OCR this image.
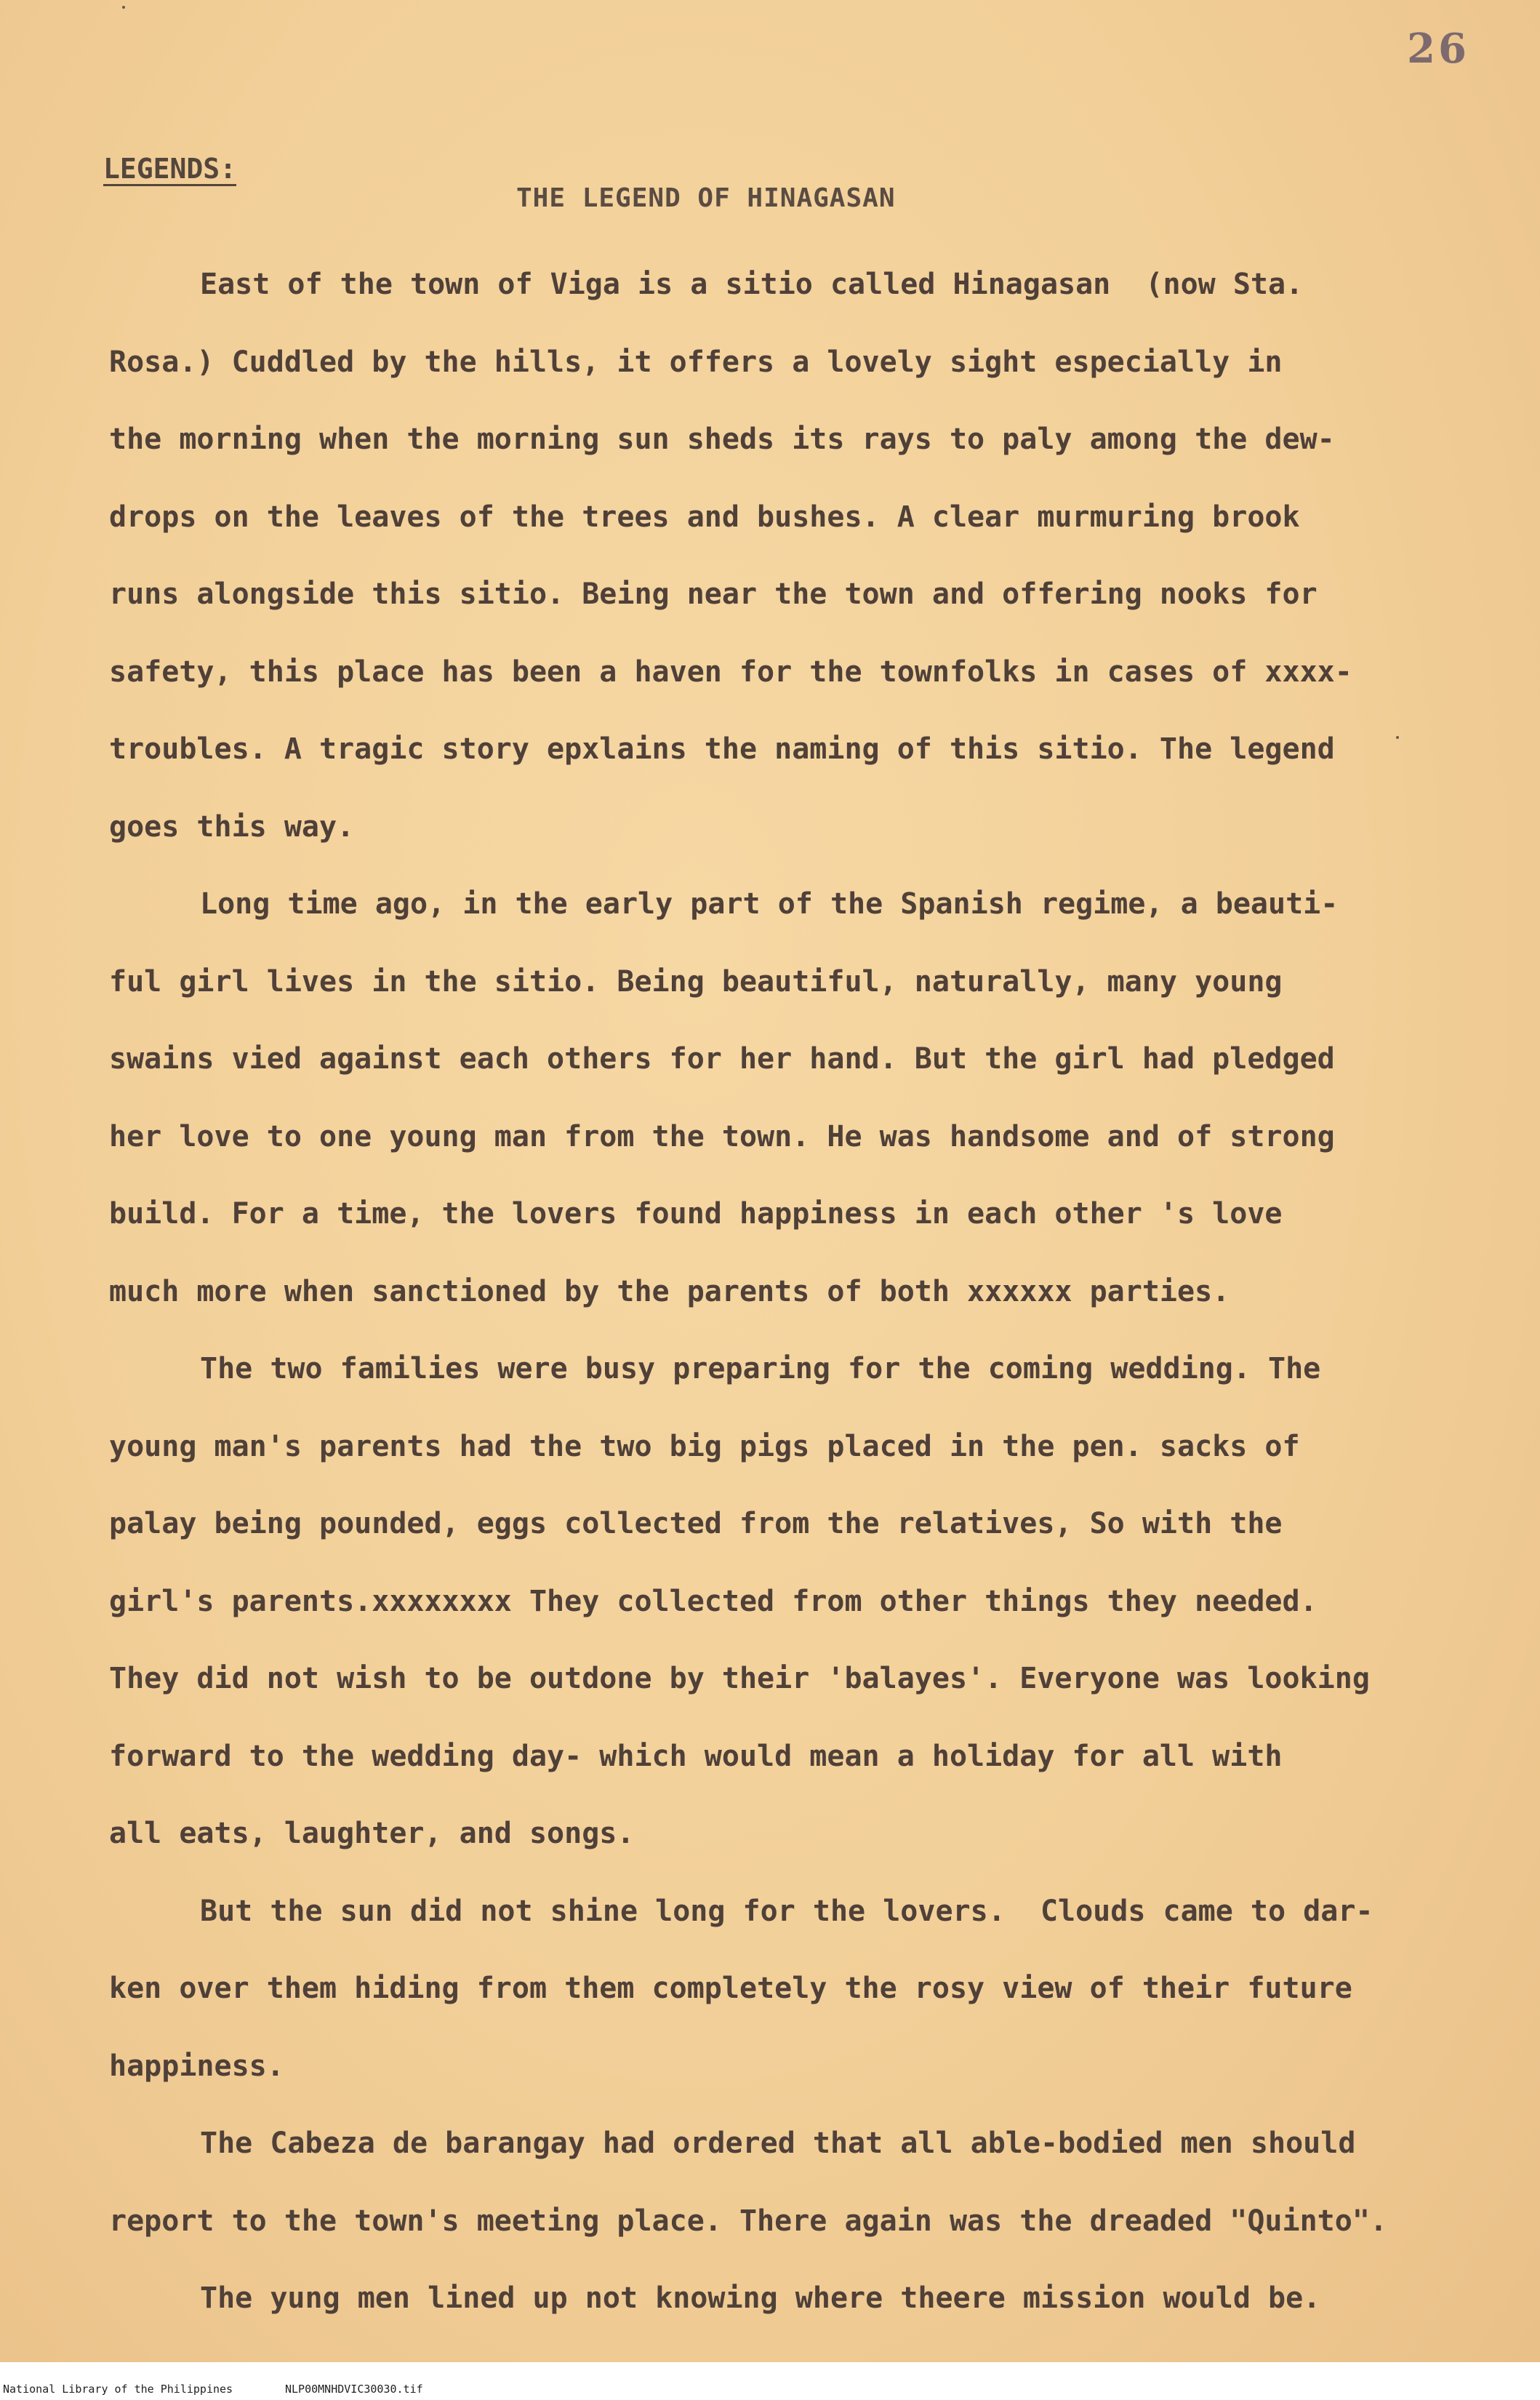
26
LEGENDS:
THE LEGEND OF HINAGASAN
East of the town of Viga is a sitio called Hinagasan  (now Sta.
Rosa.) Cuddled by the hills, it offers a lovely sight especially in
the morning when the morning sun sheds its rays to paly among the dew-
drops on the leaves of the trees and bushes. A clear murmuring brook
runs alongside this sitio. Being near the town and offering nooks for
safety, this place has been a haven for the townfolks in cases of xxxx-
troubles. A tragic story epxlains the naming of this sitio. The legend
goes this way.
Long time ago, in the early part of the Spanish regime, a beauti-
ful girl lives in the sitio. Being beautiful, naturally, many young
swains vied against each others for her hand. But the girl had pledged
her love to one young man from the town. He was handsome and of strong
build. For a time, the lovers found happiness in each other 's love
much more when sanctioned by the parents of both xxxxxx parties.
The two families were busy preparing for the coming wedding. The
young man's parents had the two big pigs placed in the pen. sacks of
palay being pounded, eggs collected from the relatives, So with the
girl's parents.xxxxxxxx They collected from other things they needed.
They did not wish to be outdone by their 'balayes'. Everyone was looking
forward to the wedding day- which would mean a holiday for all with
all eats, laughter, and songs.
But the sun did not shine long for the lovers.  Clouds came to dar-
ken over them hiding from them completely the rosy view of their future
happiness.
The Cabeza de barangay had ordered that all able-bodied men should
report to the town's meeting place. There again was the dreaded "Quinto".
The yung men lined up not knowing where theere mission would be.
National Library of the Philippines	NLP00MNHDVIC30030.tif
